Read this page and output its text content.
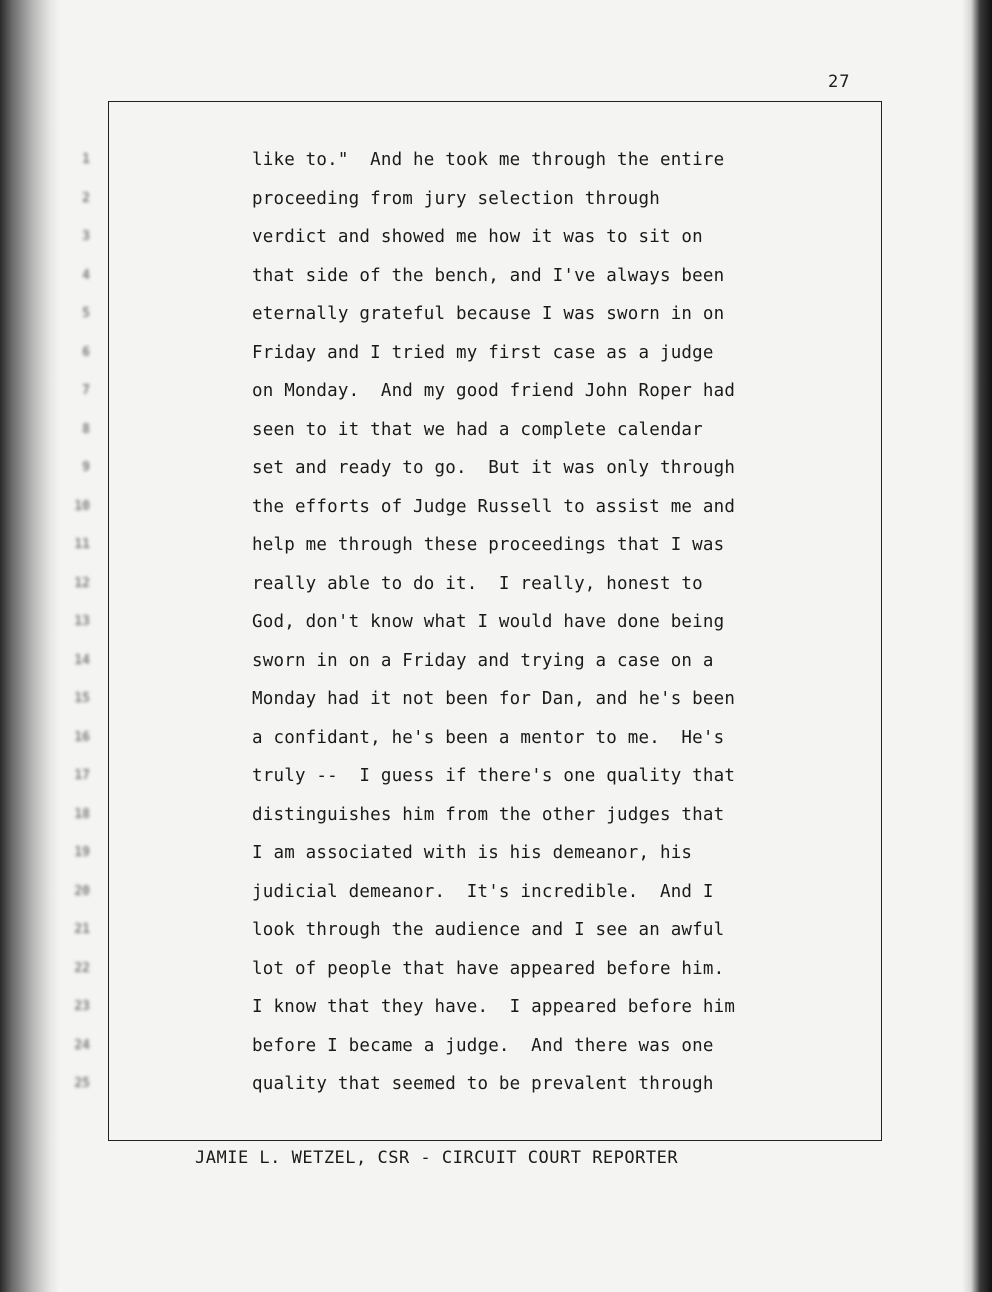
27
1
2
3
4
5
6
7
8
9
10
11
12
13
14
15
16
17
18
19
20
21
22
23
24
25
like to."  And he took me through the entire
proceeding from jury selection through
verdict and showed me how it was to sit on
that side of the bench, and I've always been
eternally grateful because I was sworn in on
Friday and I tried my first case as a judge
on Monday.  And my good friend John Roper had
seen to it that we had a complete calendar
set and ready to go.  But it was only through
the efforts of Judge Russell to assist me and
help me through these proceedings that I was
really able to do it.  I really, honest to
God, don't know what I would have done being
sworn in on a Friday and trying a case on a
Monday had it not been for Dan, and he's been
a confidant, he's been a mentor to me.  He's
truly --  I guess if there's one quality that
distinguishes him from the other judges that
I am associated with is his demeanor, his
judicial demeanor.  It's incredible.  And I
look through the audience and I see an awful
lot of people that have appeared before him.
I know that they have.  I appeared before him
before I became a judge.  And there was one
quality that seemed to be prevalent through
JAMIE L. WETZEL, CSR - CIRCUIT COURT REPORTER
